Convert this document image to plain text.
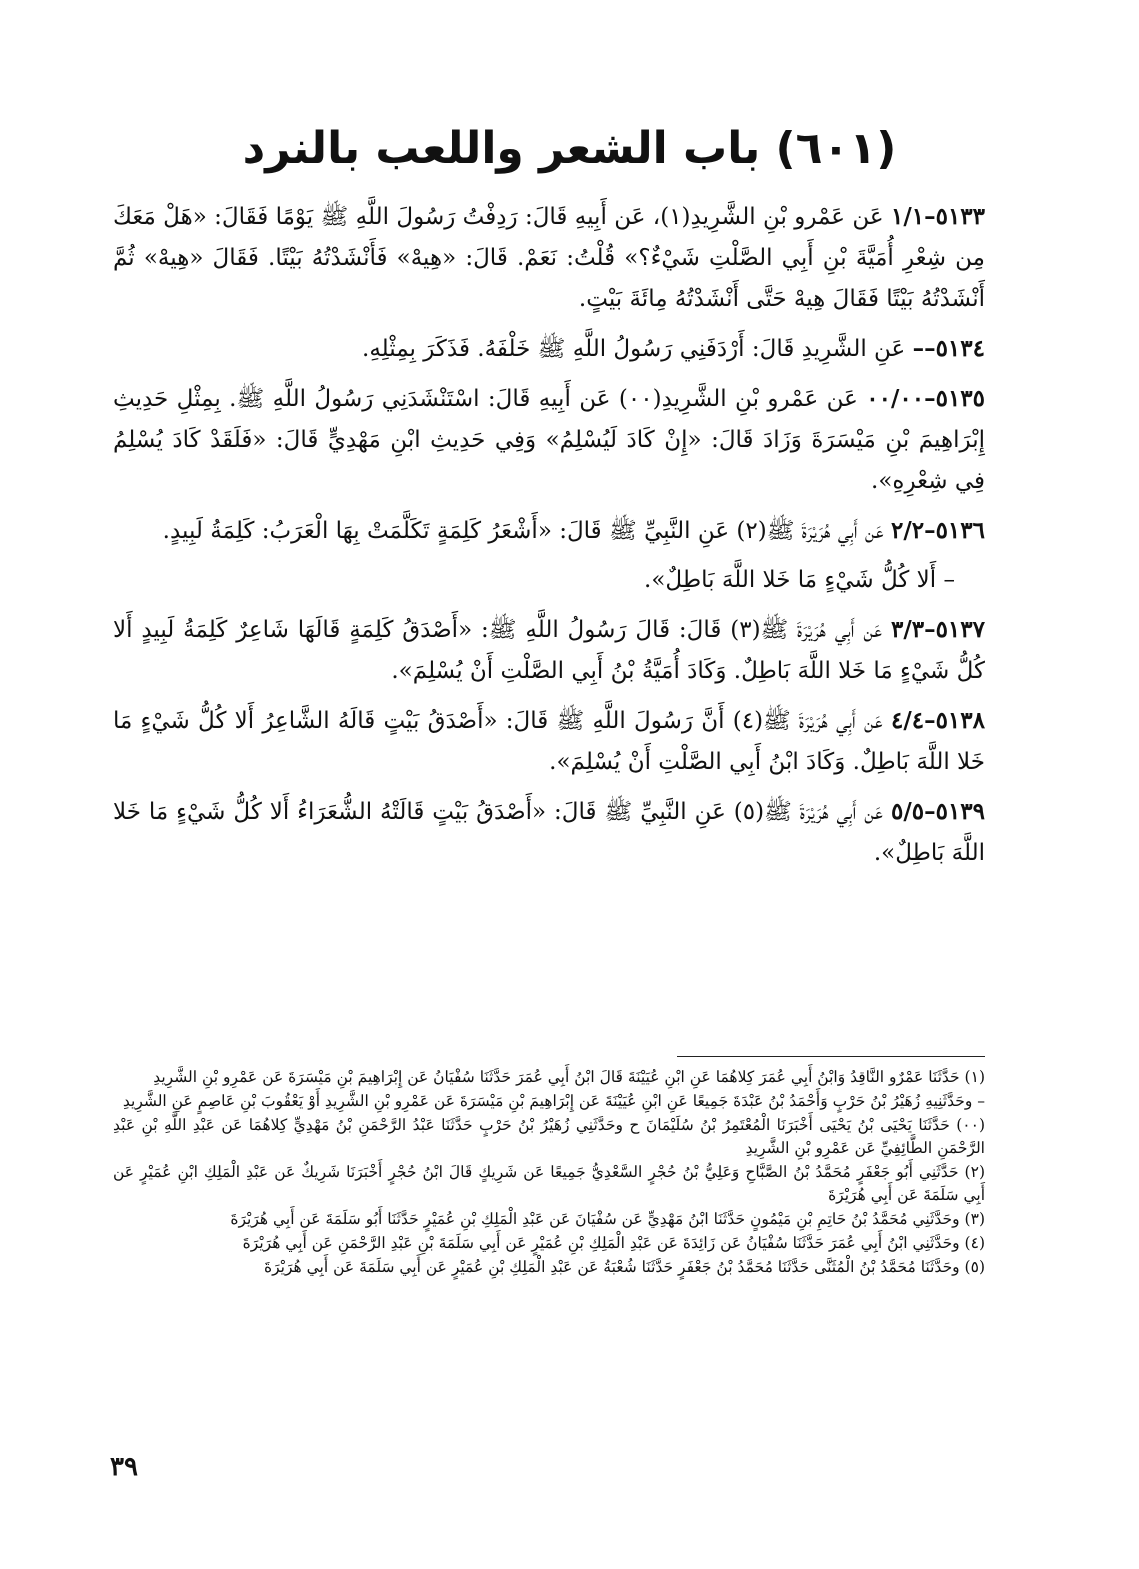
(٦٠١) باب الشعر واللعب بالنرد

٥١٣٣–١/١ عَن عَمْرو بْنِ الشَّرِيدِ(١)، عَن أَبِيهِ قَالَ: رَدِفْتُ رَسُولَ اللَّهِ ﷺ يَوْمًا فَقَالَ: «هَلْ مَعَكَ مِن شِعْرِ أُمَيَّةَ بْنِ أَبِي الصَّلْتِ شَيْءٌ؟» قُلْتُ: نَعَمْ. قَالَ: «هِيهْ» فَأَنْشَدْتُهُ بَيْتًا. فَقَالَ «هِيهْ» ثُمَّ أَنْشَدْتُهُ بَيْتًا فَقَالَ هِيهْ حَتَّى أَنْشَدْتُهُ مِائَةَ بَيْتٍ.

٥١٣٤–– عَنِ الشَّرِيدِ قَالَ: أَرْدَفَنِي رَسُولُ اللَّهِ ﷺ خَلْفَهُ. فَذَكَرَ بِمِثْلِهِ.

٥١٣٥–٠٠/٠٠ عَن عَمْرو بْنِ الشَّرِيدِ(٠٠) عَن أَبِيهِ قَالَ: اسْتَنْشَدَنِي رَسُولُ اللَّهِ ﷺ. بِمِثْلِ حَدِيثِ إِبْرَاهِيمَ بْنِ مَيْسَرَةَ وَزَادَ قَالَ: «إِنْ كَادَ لَيُسْلِمُ» وَفِي حَدِيثِ ابْنِ مَهْدِيٍّ قَالَ: «فَلَقَدْ كَادَ يُسْلِمُ فِي شِعْرِهِ».

٥١٣٦–٢/٢ عَن أَبِي هُرَيْرَةَ ﷺ(٢) عَنِ النَّبِيِّ ﷺ قَالَ: «أَشْعَرُ كَلِمَةٍ تَكَلَّمَتْ بِهَا الْعَرَبُ: كَلِمَةُ لَبِيدٍ.

– أَلا كُلُّ شَيْءٍ مَا خَلا اللَّهَ بَاطِلٌ».

٥١٣٧–٣/٣ عَن أَبِي هُرَيْرَةَ ﷺ(٣) قَالَ: قَالَ رَسُولُ اللَّهِ ﷺ: «أَصْدَقُ كَلِمَةٍ قَالَهَا شَاعِرٌ كَلِمَةُ لَبِيدٍ أَلا كُلُّ شَيْءٍ مَا خَلا اللَّهَ بَاطِلٌ. وَكَادَ أُمَيَّةُ بْنُ أَبِي الصَّلْتِ أَنْ يُسْلِمَ».

٥١٣٨–٤/٤ عَن أَبِي هُرَيْرَةَ ﷺ(٤) أَنَّ رَسُولَ اللَّهِ ﷺ قَالَ: «أَصْدَقُ بَيْتٍ قَالَهُ الشَّاعِرُ أَلا كُلُّ شَيْءٍ مَا خَلا اللَّهَ بَاطِلٌ. وَكَادَ ابْنُ أَبِي الصَّلْتِ أَنْ يُسْلِمَ».

٥١٣٩–٥/٥ عَن أَبِي هُرَيْرَةَ ﷺ(٥) عَنِ النَّبِيِّ ﷺ قَالَ: «أَصْدَقُ بَيْتٍ قَالَتْهُ الشُّعَرَاءُ أَلا كُلُّ شَيْءٍ مَا خَلا اللَّهَ بَاطِلٌ».

(١) حَدَّثَنَا عَمْرٌو النَّاقِدُ وَابْنُ أَبِي عُمَرَ كِلاهُمَا عَنِ ابْنِ عُيَيْنَةَ قَالَ ابْنُ أَبِي عُمَرَ حَدَّثَنَا سُفْيَانُ عَن إِبْرَاهِيمَ بْنِ مَيْسَرَةَ عَن عَمْرِو بْنِ الشَّرِيدِ

– وحَدَّثَنِيهِ زُهَيْرُ بْنُ حَرْبٍ وَأَحْمَدُ بْنُ عَبْدَةَ جَمِيعًا عَنِ ابْنِ عُيَيْنَةَ عَن إِبْرَاهِيمَ بْنِ مَيْسَرَةَ عَن عَمْرِو بْنِ الشَّرِيدِ أَوْ يَعْقُوبَ بْنِ عَاصِمٍ عَنِ الشَّرِيدِ

(٠٠) حَدَّثَنَا يَحْيَى بْنُ يَحْيَى أَخْبَرَنَا الْمُعْتَمِرُ بْنُ سُلَيْمَانَ ح وحَدَّثَنِي زُهَيْرُ بْنُ حَرْبٍ حَدَّثَنَا عَبْدُ الرَّحْمَنِ بْنُ مَهْدِيٍّ كِلاهُمَا عَن عَبْدِ اللَّهِ بْنِ عَبْدِ الرَّحْمَنِ الطَّائِفِيِّ عَن عَمْرِو بْنِ الشَّرِيدِ

(٢) حَدَّثَنِي أَبُو جَعْفَرٍ مُحَمَّدُ بْنُ الصَّبَّاحِ وَعَلِيُّ بْنُ حُجْرٍ السَّعْدِيُّ جَمِيعًا عَن شَرِيكٍ قَالَ ابْنُ حُجْرٍ أَخْبَرَنَا شَرِيكٌ عَن عَبْدِ الْمَلِكِ ابْنِ عُمَيْرٍ عَن أَبِي سَلَمَةَ عَن أَبِي هُرَيْرَةَ

(٣) وحَدَّثَنِي مُحَمَّدُ بْنُ حَاتِمِ بْنِ مَيْمُونٍ حَدَّثَنَا ابْنُ مَهْدِيٍّ عَن سُفْيَانَ عَن عَبْدِ الْمَلِكِ بْنِ عُمَيْرٍ حَدَّثَنَا أَبُو سَلَمَةَ عَن أَبِي هُرَيْرَةَ

(٤) وحَدَّثَنِي ابْنُ أَبِي عُمَرَ حَدَّثَنَا سُفْيَانُ عَن زَائِدَةَ عَن عَبْدِ الْمَلِكِ بْنِ عُمَيْرٍ عَن أَبِي سَلَمَةَ بْنِ عَبْدِ الرَّحْمَنِ عَن أَبِي هُرَيْرَةَ

(٥) وحَدَّثَنَا مُحَمَّدُ بْنُ الْمُثَنَّى حَدَّثَنَا مُحَمَّدُ بْنُ جَعْفَرٍ حَدَّثَنَا شُعْبَةُ عَن عَبْدِ الْمَلِكِ بْنِ عُمَيْرٍ عَن أَبِي سَلَمَةَ عَن أَبِي هُرَيْرَةَ

٣٩
